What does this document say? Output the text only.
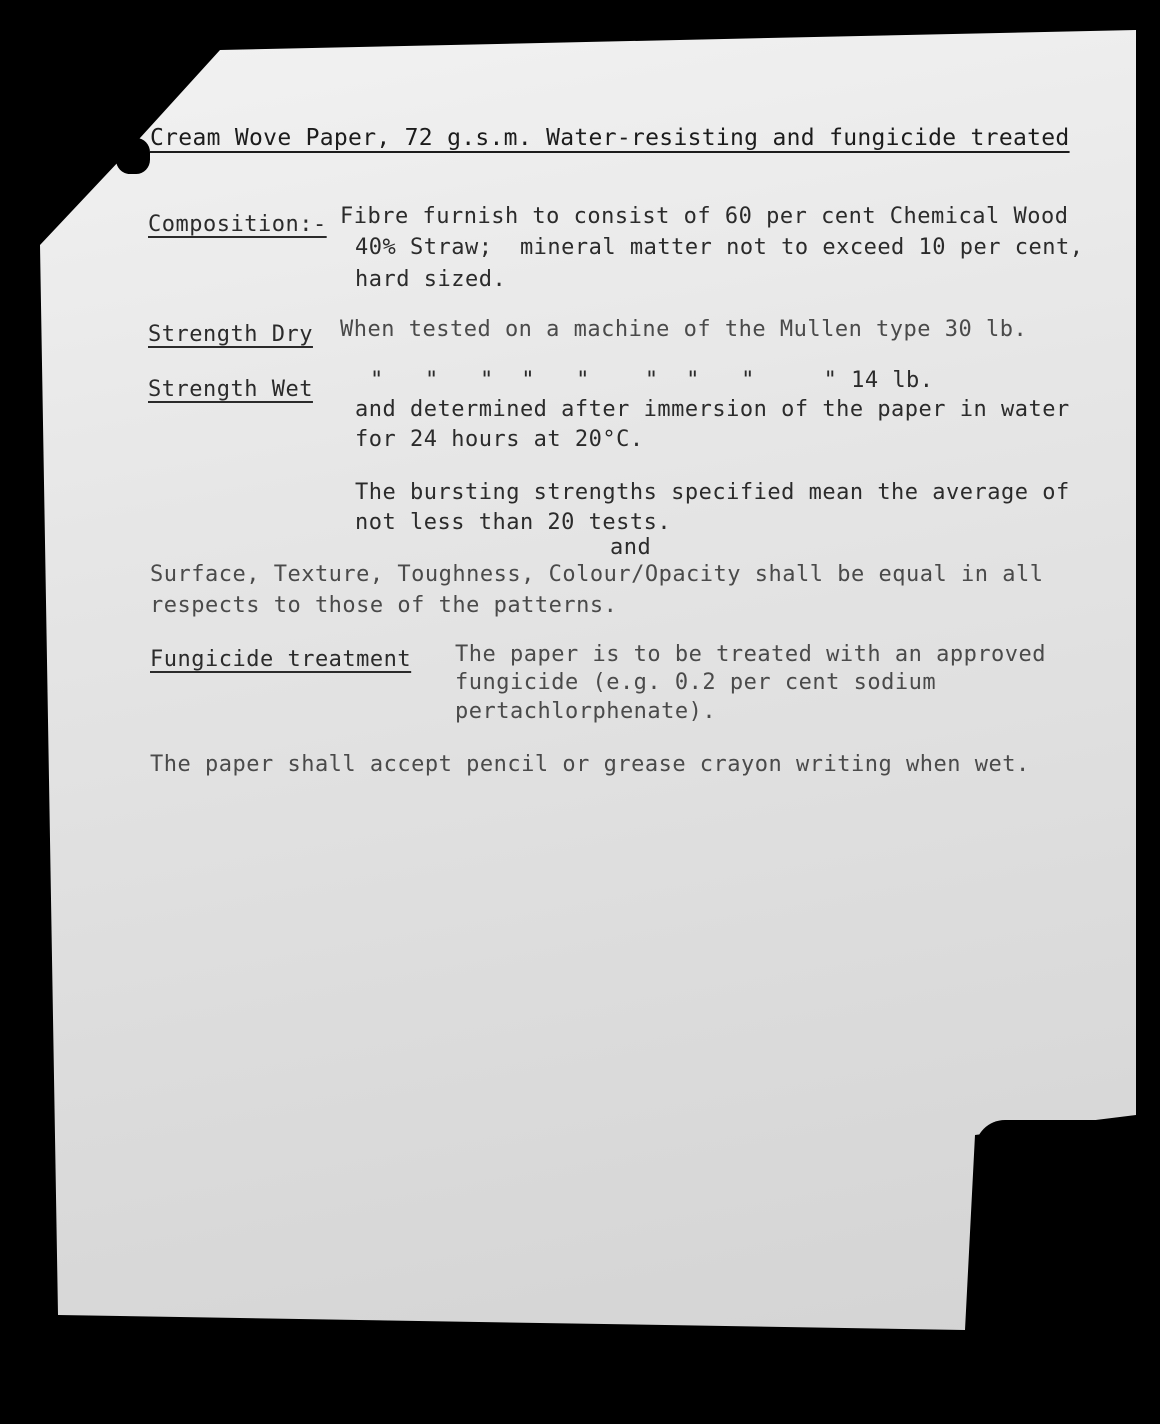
Cream Wove Paper, 72 g.s.m. Water-resisting and fungicide treated
Composition:- Fibre furnish to consist of 60 per cent Chemical Wood
40% Straw;  mineral matter not to exceed 10 per cent,
hard sized.
Strength Dry When tested on a machine of the Mullen type 30 lb.
Strength Wet	"   "   "  "   "    "  "   "     " 14 lb.
and determined after immersion of the paper in water
for 24 hours at 20°C.
The bursting strengths specified mean the average of
not less than 20 tests.
and
Surface, Texture, Toughness, Colour/Opacity shall be equal in all
respects to those of the patterns.
Fungicide treatment The paper is to be treated with an approved
fungicide (e.g. 0.2 per cent sodium
pertachlorphenate).
The paper shall accept pencil or grease crayon writing when wet.
